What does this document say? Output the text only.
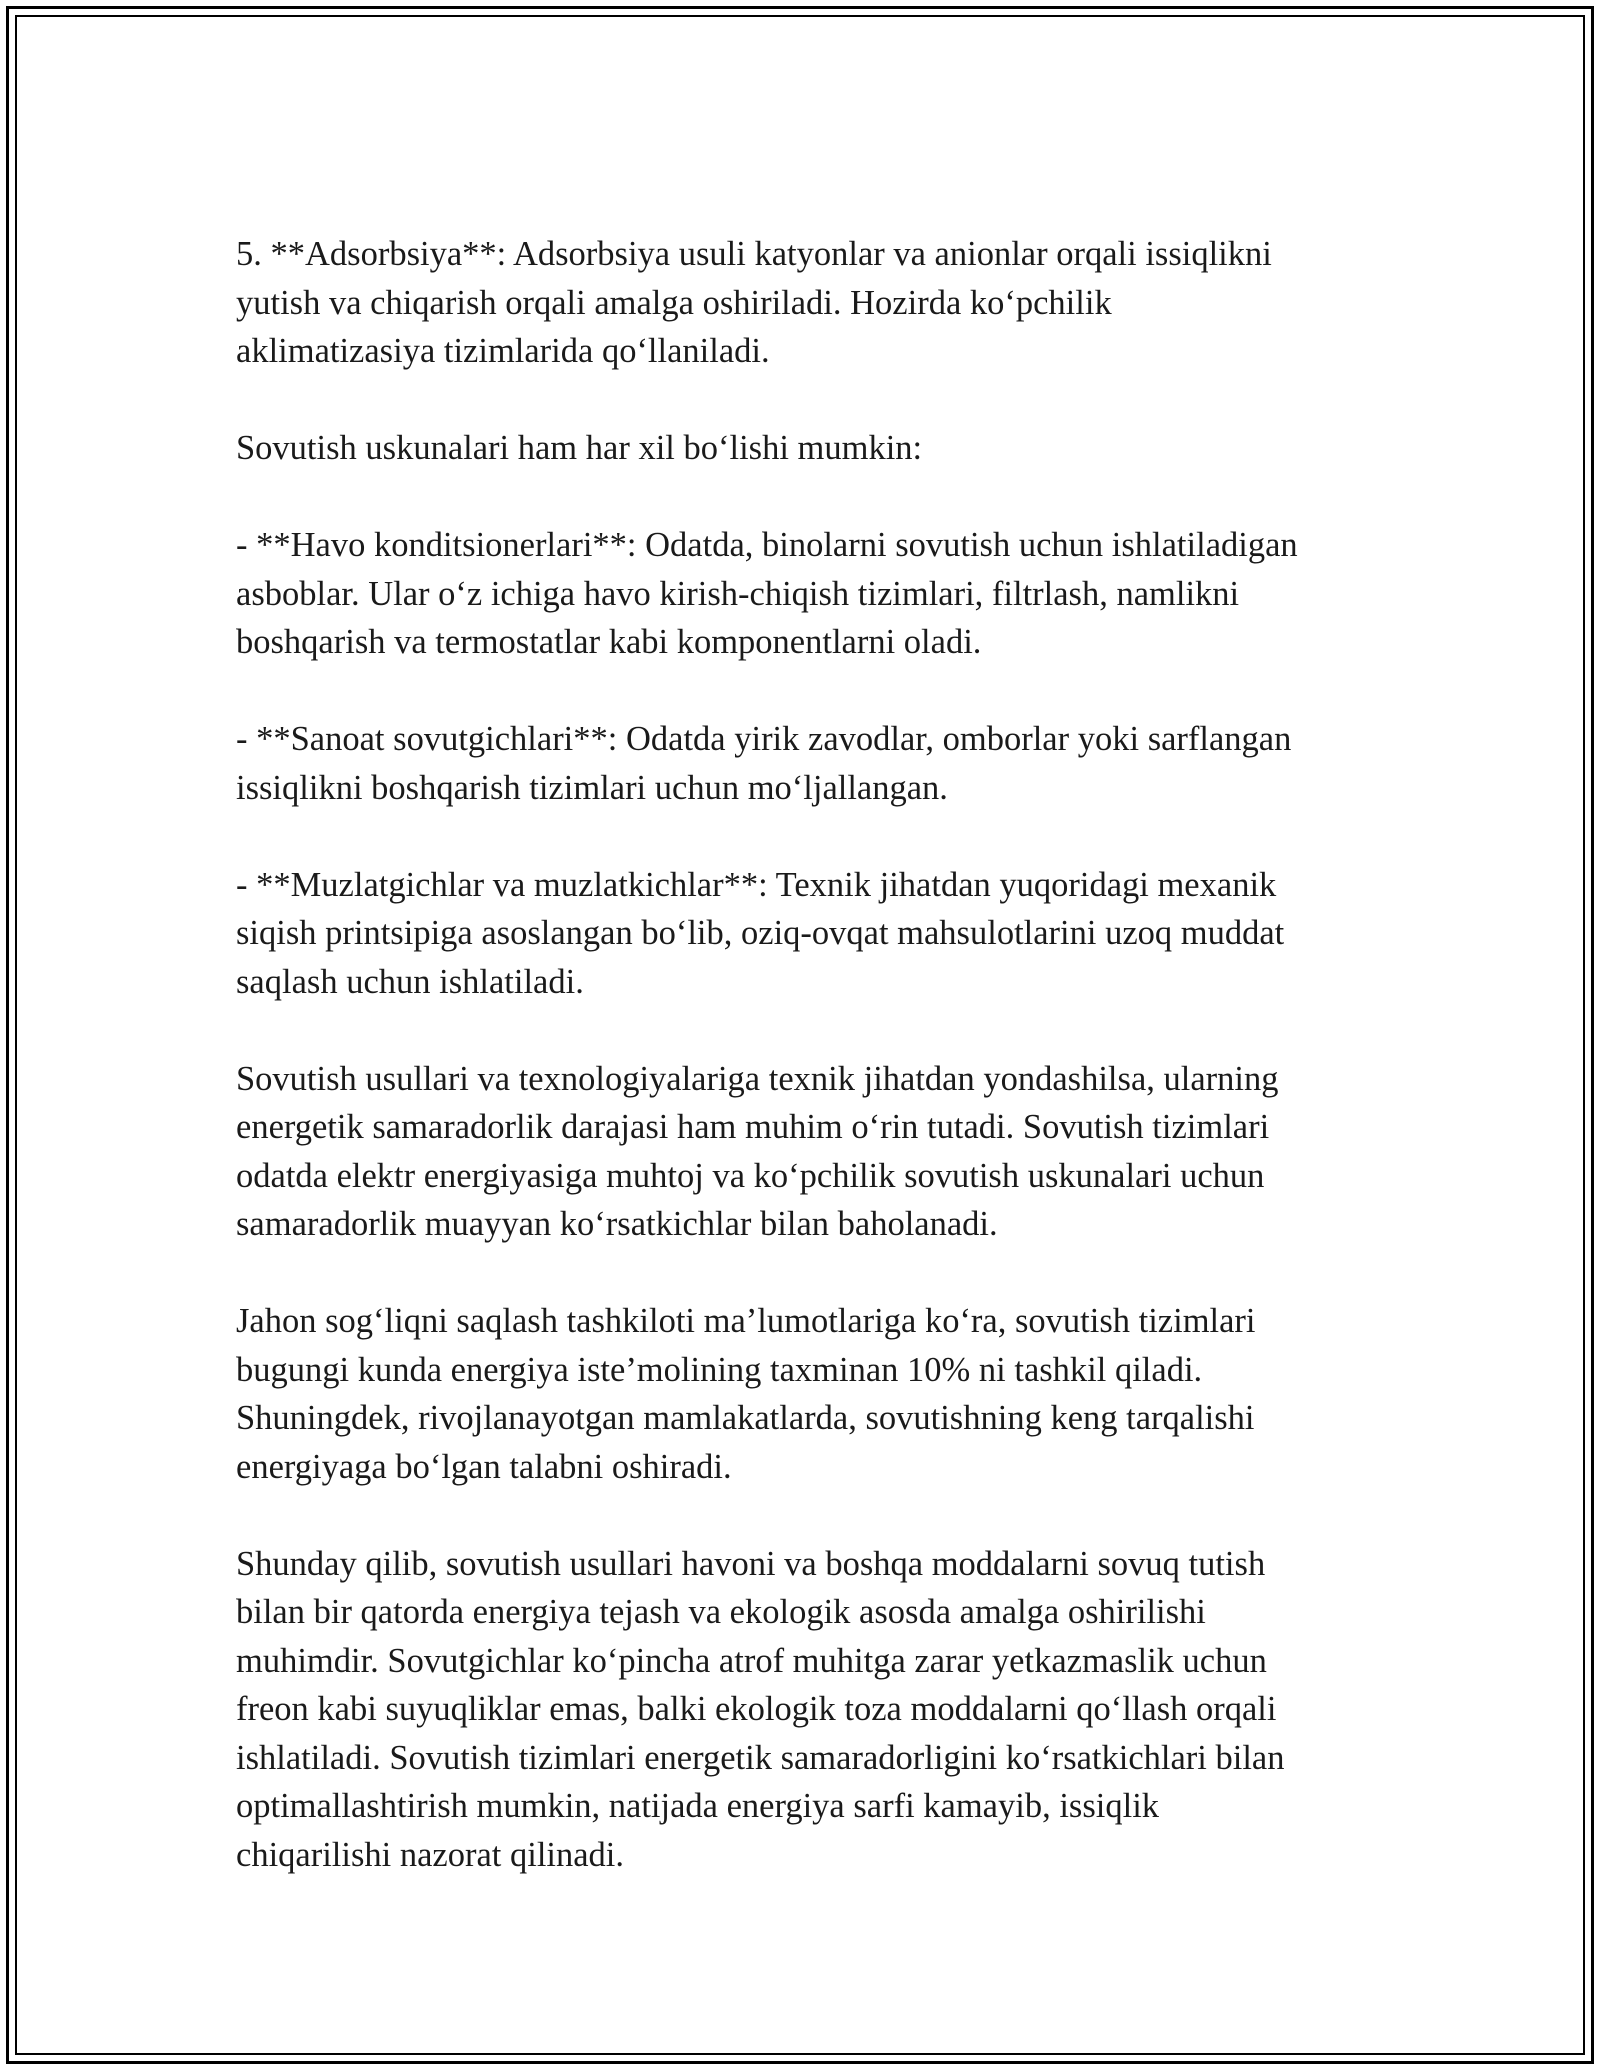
5. **Adsorbsiya**: Adsorbsiya usuli katyonlar va anionlar orqali issiqlikni
yutish va chiqarish orqali amalga oshiriladi. Hozirda ko‘pchilik
aklimatizasiya tizimlarida qo‘llaniladi.

Sovutish uskunalari ham har xil bo‘lishi mumkin:

- **Havo konditsionerlari**: Odatda, binolarni sovutish uchun ishlatiladigan
asboblar. Ular o‘z ichiga havo kirish-chiqish tizimlari, filtrlash, namlikni
boshqarish va termostatlar kabi komponentlarni oladi.

- **Sanoat sovutgichlari**: Odatda yirik zavodlar, omborlar yoki sarflangan
issiqlikni boshqarish tizimlari uchun mo‘ljallangan.

- **Muzlatgichlar va muzlatkichlar**: Texnik jihatdan yuqoridagi mexanik
siqish printsipiga asoslangan bo‘lib, oziq-ovqat mahsulotlarini uzoq muddat
saqlash uchun ishlatiladi.

Sovutish usullari va texnologiyalariga texnik jihatdan yondashilsa, ularning
energetik samaradorlik darajasi ham muhim o‘rin tutadi. Sovutish tizimlari
odatda elektr energiyasiga muhtoj va ko‘pchilik sovutish uskunalari uchun
samaradorlik muayyan ko‘rsatkichlar bilan baholanadi.

Jahon sog‘liqni saqlash tashkiloti ma’lumotlariga ko‘ra, sovutish tizimlari
bugungi kunda energiya iste’molining taxminan 10% ni tashkil qiladi.
Shuningdek, rivojlanayotgan mamlakatlarda, sovutishning keng tarqalishi
energiyaga bo‘lgan talabni oshiradi.

Shunday qilib, sovutish usullari havoni va boshqa moddalarni sovuq tutish
bilan bir qatorda energiya tejash va ekologik asosda amalga oshirilishi
muhimdir. Sovutgichlar ko‘pincha atrof muhitga zarar yetkazmaslik uchun
freon kabi suyuqliklar emas, balki ekologik toza moddalarni qo‘llash orqali
ishlatiladi. Sovutish tizimlari energetik samaradorligini ko‘rsatkichlari bilan
optimallashtirish mumkin, natijada energiya sarfi kamayib, issiqlik
chiqarilishi nazorat qilinadi.
